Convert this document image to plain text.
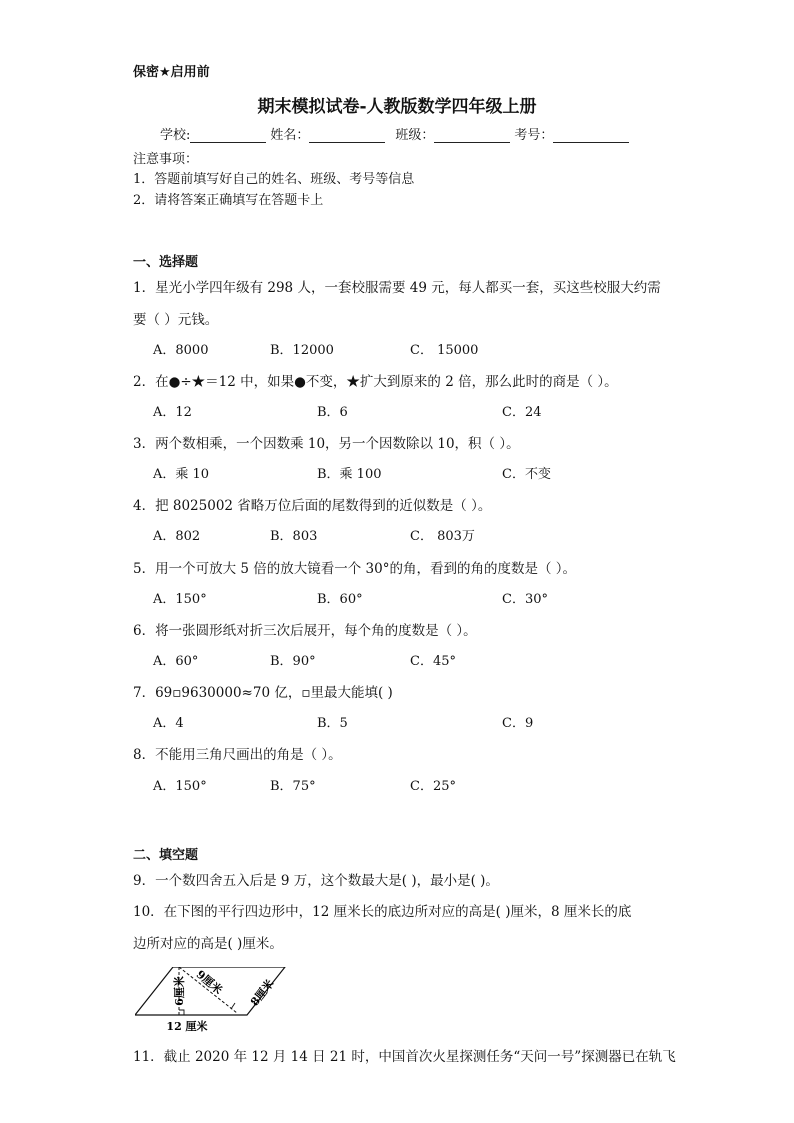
保密★启用前
期末模拟试卷-人教版数学四年级上册
学校:	姓名：	班级：	考号：
注意事项：
1．答题前填写好自己的姓名、班级、考号等信息
2．请将答案正确填写在答题卡上
一、选择题
1．星光小学四年级有 298 人，一套校服需要 49 元，每人都买一套，买这些校服大约需
要（ ）元钱。
A．8000	B．12000	C． 15000
2．在●÷★＝12 中，如果●不变，★扩大到原来的 2 倍，那么此时的商是（ ）。
A．12	B．6	C．24
3．两个数相乘，一个因数乘 10，另一个因数除以 10，积（ ）。
A．乘 10	B．乘 100	C．不变
4．把 8025002 省略万位后面的尾数得到的近似数是（ ）。
A．802	B．803	C． 803万
5．用一个可放大 5 倍的放大镜看一个 30°的角，看到的角的度数是（ ）。
A．150°	B．60°	C．30°
6．将一张圆形纸对折三次后展开，每个角的度数是（ ）。
A．60°	B．90°	C．45°
7．69▫9630000≈70 亿，▫里最大能填( )
A．4	B．5	C．9
8．不能用三角尺画出的角是（ ）。
A．150°	B．75°	C．25°
二、填空题
9．一个数四舍五入后是 9 万，这个数最大是( )，最小是( )。
10．在下图的平行四边形中，12 厘米长的底边所对应的高是( )厘米，8 厘米长的底
边所对应的高是( )厘米。
6厘米 9厘米 8厘米
12 厘米
11．截止 2020 年 12 月 14 日 21 时，中国首次火星探测任务“天问一号”探测器已在轨飞
